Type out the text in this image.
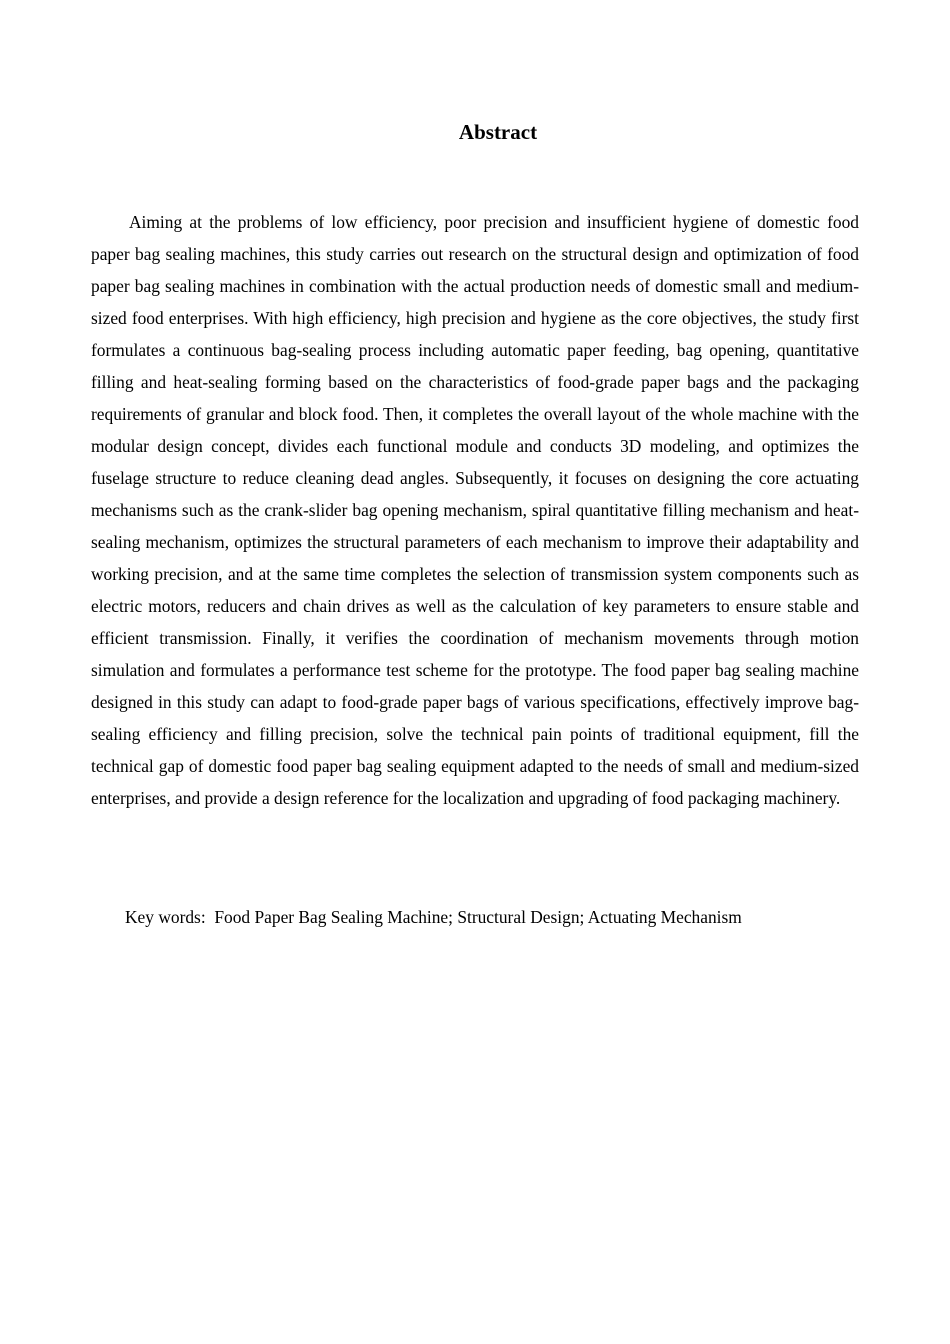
Abstract

Aiming at the problems of low efficiency, poor precision and insufficient hygiene of domestic food paper bag sealing machines, this study carries out research on the structural design and optimization of food paper bag sealing machines in combination with the actual production needs of domestic small and medium-sized food enterprises. With high efficiency, high precision and hygiene as the core objectives, the study first formulates a continuous bag-sealing process including automatic paper feeding, bag opening, quantitative filling and heat-sealing forming based on the characteristics of food-grade paper bags and the packaging requirements of granular and block food. Then, it completes the overall layout of the whole machine with the modular design concept, divides each functional module and conducts 3D modeling, and optimizes the fuselage structure to reduce cleaning dead angles. Subsequently, it focuses on designing the core actuating mechanisms such as the crank-slider bag opening mechanism, spiral quantitative filling mechanism and heat-sealing mechanism, optimizes the structural parameters of each mechanism to improve their adaptability and working precision, and at the same time completes the selection of transmission system components such as electric motors, reducers and chain drives as well as the calculation of key parameters to ensure stable and efficient transmission. Finally, it verifies the coordination of mechanism movements through motion simulation and formulates a performance test scheme for the prototype. The food paper bag sealing machine designed in this study can adapt to food-grade paper bags of various specifications, effectively improve bag-sealing efficiency and filling precision, solve the technical pain points of traditional equipment, fill the technical gap of domestic food paper bag sealing equipment adapted to the needs of small and medium-sized enterprises, and provide a design reference for the localization and upgrading of food packaging machinery.

Key words: Food Paper Bag Sealing Machine; Structural Design; Actuating Mechanism
